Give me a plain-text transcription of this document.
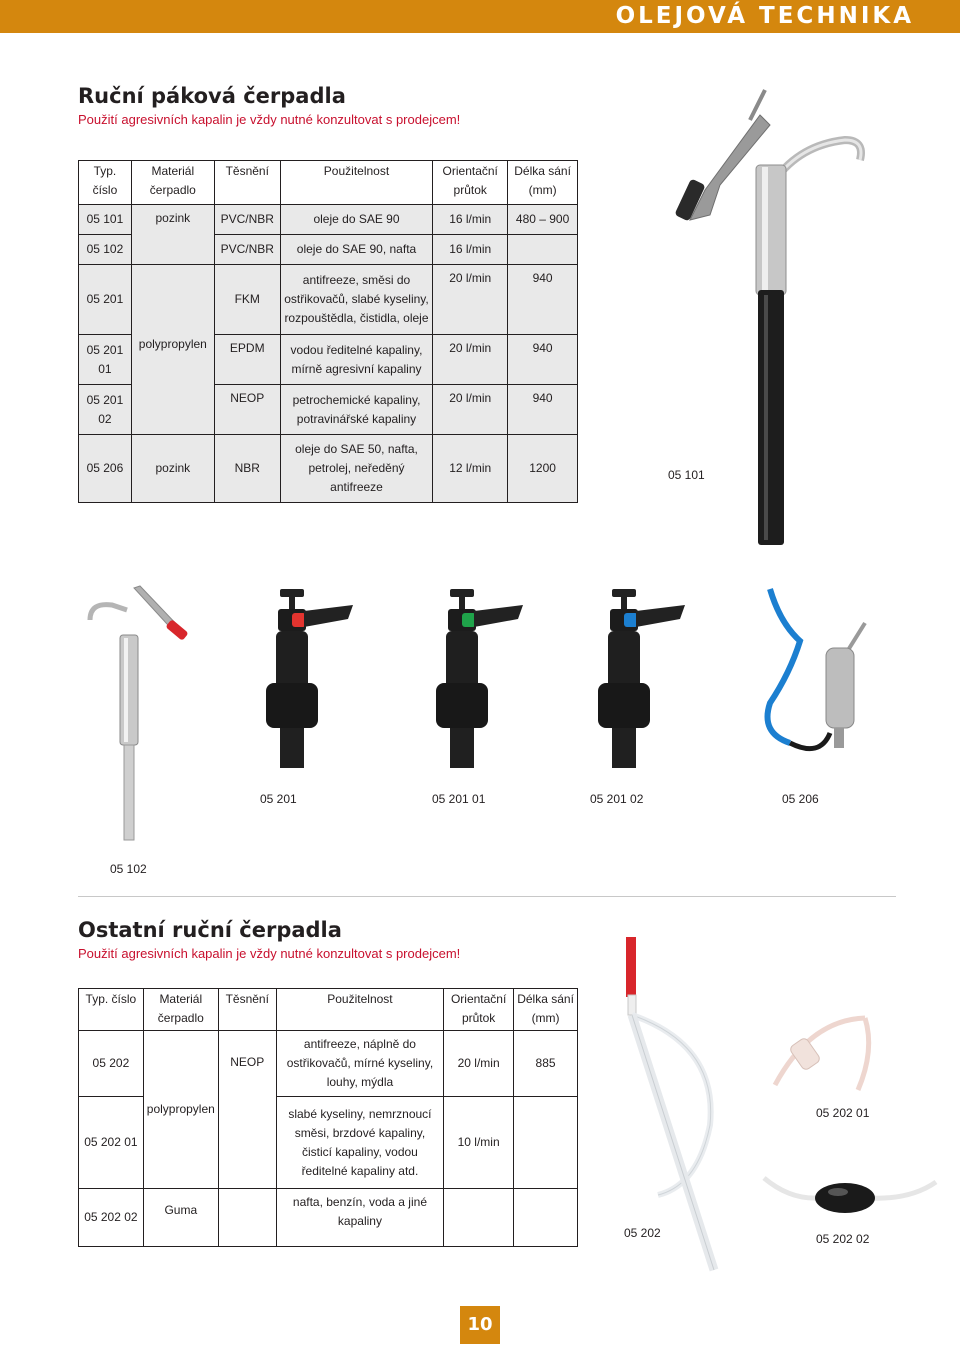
OLEJOVÁ TECHNIKA
Ruční páková čerpadla

Použití agresivních kapalin je vždy nutné konzultovat s prodejcem!

Typ. číslo	Materiál čerpadlo	Těsnění	Použitelnost	Orientační průtok	Délka sání (mm)
05 101	pozink	PVC/NBR	oleje do SAE 90	16 l/min	480 – 900
05 102		PVC/NBR	oleje do SAE 90, nafta	16 l/min	
05 201	polypropylen	FKM	antifreeze, směsi do ostřikovačů, slabé kyseliny, rozpouštědla, čistidla, oleje	20 l/min	940
05 201 01		EPDM	vodou ředitelné kapaliny, mírně agresivní kapaliny	20 l/min	940
05 201 02		NEOP	petrochemické kapaliny, potravinářské kapaliny	20 l/min	940
05 206	pozink	NBR	oleje do SAE 50, nafta, petrolej, neředěný antifreeze	12 l/min	1200	05 101
05 102
05 201	05 201 01	05 201 02	05 206
Ostatní ruční čerpadla

Použití agresivních kapalin je vždy nutné konzultovat s prodejcem!

Typ. číslo	Materiál čerpadlo	Těsnění	Použitelnost	Orientační průtok	Délka sání (mm)
05 202	polypropylen	NEOP	antifreeze, náplně do ostřikovačů, mírné kyseliny, louhy, mýdla	20 l/min	885
05 202 01			slabé kyseliny, nemrznoucí směsi, brzdové kapaliny, čisticí kapaliny, vodou ředitelné kapaliny atd.	10 l/min	
05 202 02	Guma		nafta, benzín, voda a jiné kapaliny		
05 202
05 202 01
05 202 02
10
